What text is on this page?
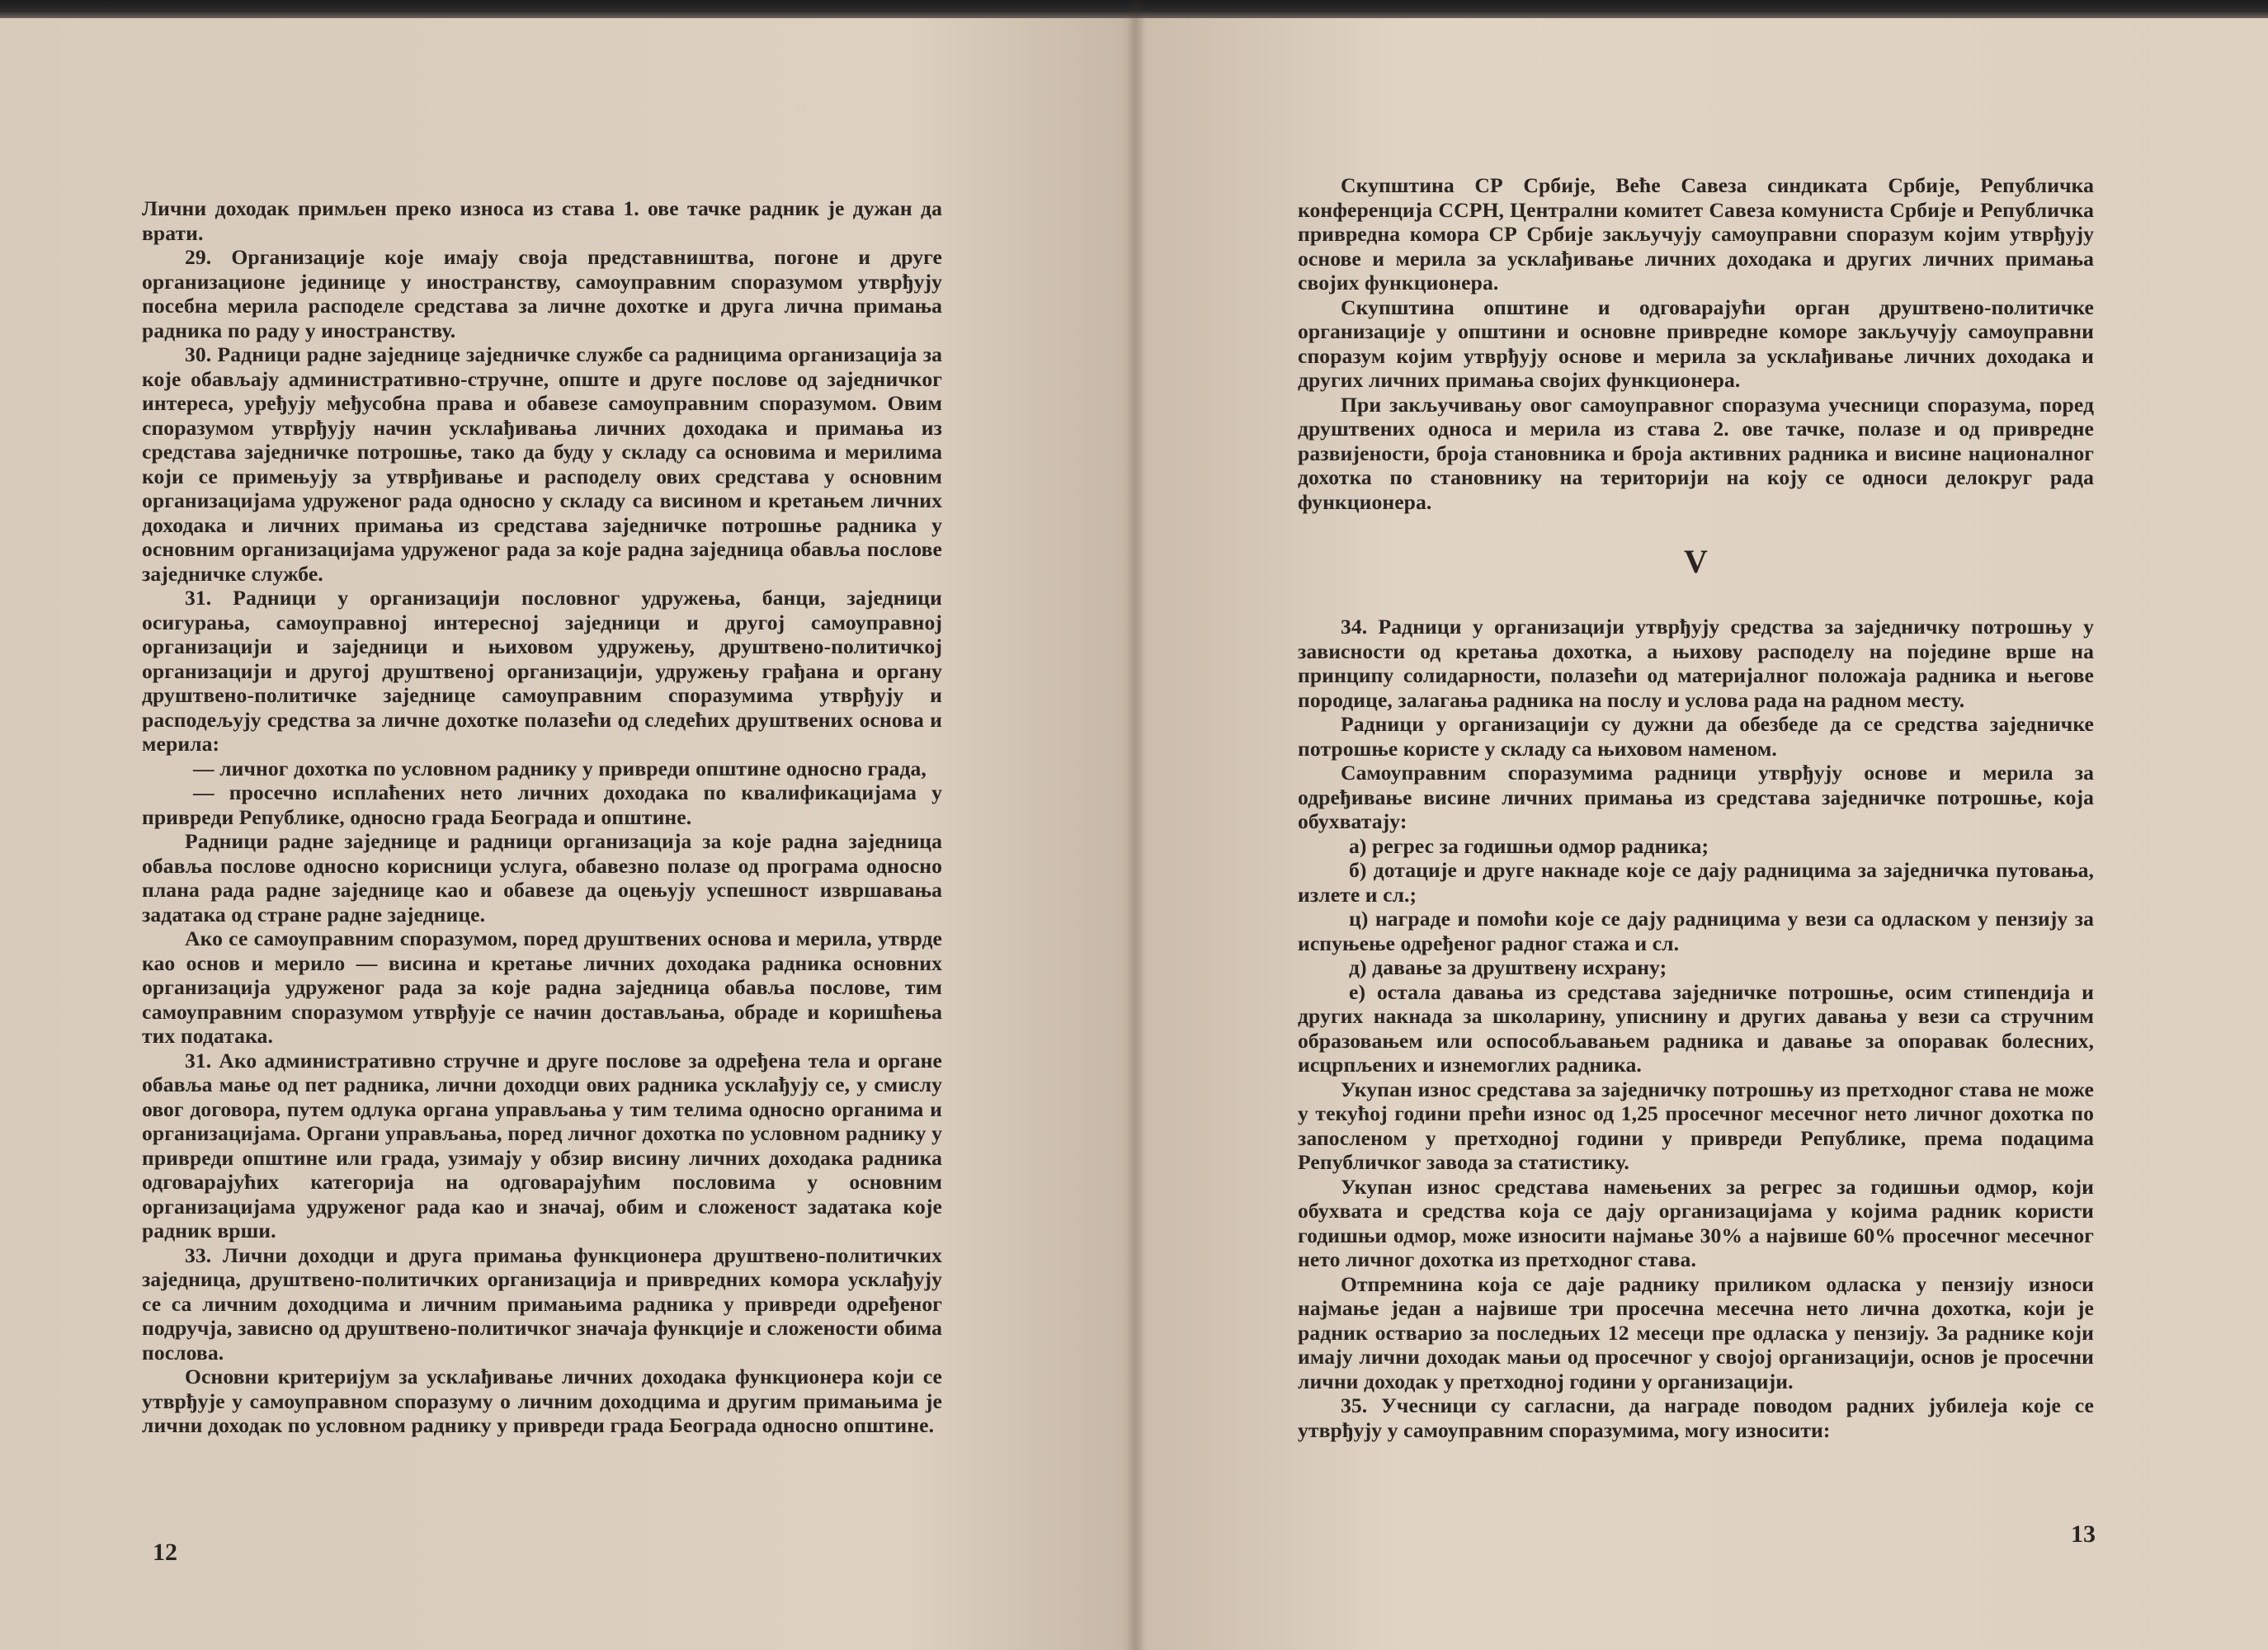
Лични доходак примљен преко износа из става 1. ове тачке радник је дужан да врати.

29. Организације које имају своја представништва, погоне и друге организационе јединице у иностранству, самоуправним споразумом утврђују посебна мерила расподеле средстава за личне дохотке и друга лична примања радника по раду у иностранству.

30. Радници радне заједнице заједничке службе са радницима организација за које обављају административно-стручне, опште и друге послове од заједничког интереса, уређују међусобна права и обавезе самоуправним споразумом. Овим споразумом утврђују начин усклађивања личних доходака и примања из средстава заједничке потрошње, тако да буду у складу са основима и мерилима који се примењују за утврђивање и расподелу ових средстава у основним организацијама удруженог рада односно у складу са висином и кретањем личних доходака и личних примања из средстава заједничке потрошње радника у основним организацијама удруженог рада за које радна заједница обавља послове заједничке службе.

31. Радници у организацији пословног удружења, банци, заједници осигурања, самоуправној интересној заједници и другој самоуправној организацији и заједници и њиховом удружењу, друштвено-политичкој организацији и другој друштвеној организацији, удружењу грађана и органу друштвено-политичке заједнице самоуправним споразумима утврђују и расподељују средства за личне дохотке полазећи од следећих друштвених основа и мерила:

— личног дохотка по условном раднику у привреди општине односно града,

— просечно исплаћених нето личних доходака по квалификацијама у привреди Републике, односно града Београда и општине.

Радници радне заједнице и радници организација за које радна заједница обавља послове односно корисници услуга, обавезно полазе од програма односно плана рада радне заједнице као и обавезе да оцењују успешност извршавања задатака од стране радне заједнице.

Ако се самоуправним споразумом, поред друштвених основа и мерила, утврде као основ и мерило — висина и кретање личних доходака радника основних организација удруженог рада за које радна заједница обавља послове, тим самоуправним споразумом утврђује се начин достављања, обраде и коришћења тих података.

31. Ако административно стручне и друге послове за одређена тела и органе обавља мање од пет радника, лични доходци ових радника усклађују се, у смислу овог договора, путем одлука органа управљања у тим телима односно органима и организацијама. Органи управљања, поред личног дохотка по условном раднику у привреди општине или града, узимају у обзир висину личних доходака радника одговарајућих категорија на одговарајућим пословима у основним организацијама удруженог рада као и значај, обим и сложеност задатака које радник врши.

33. Лични доходци и друга примања функционера друштвено-политичких заједница, друштвено-политичких организација и привредних комора усклађују се са личним доходцима и личним примањима радника у привреди одређеног подручја, зависно од друштвено-политичког значаја функције и сложености обима послова.

Основни критеријум за усклађивање личних доходака функционера који се утврђује у самоуправном споразуму о личним доходцима и другим примањима је лични доходак по условном раднику у привреди града Београда односно општине.

12

Скупштина СР Србије, Веће Савеза синдиката Србије, Републичка конференција ССРН, Централни комитет Савеза комуниста Србије и Републичка привредна комора СР Србије закључују самоуправни споразум којим утврђују основе и мерила за усклађивање личних доходака и других личних примања својих функционера.

Скупштина општине и одговарајући орган друштвено-политичке организације у општини и основне привредне коморе закључују самоуправни споразум којим утврђују основе и мерила за усклађивање личних доходака и других личних примања својих функционера.

При закључивању овог самоуправног споразума учесници споразума, поред друштвених односа и мерила из става 2. ове тачке, полазе и од привредне развијености, броја становника и броја активних радника и висине националног дохотка по становнику на територији на коју се односи делокруг рада функционера.

V

34. Радници у организацији утврђују средства за заједничку потрошњу у зависности од кретања дохотка, а њихову расподелу на поједине врше на принципу солидарности, полазећи од материјалног положаја радника и његове породице, залагања радника на послу и услова рада на радном месту.

Радници у организацији су дужни да обезбеде да се средства заједничке потрошње користе у складу са њиховом наменом.

Самоуправним споразумима радници утврђују основе и мерила за одређивање висине личних примања из средстава заједничке потрошње, која обухватају:

а) регрес за годишњи одмор радника;

б) дотације и друге накнаде које се дају радницима за заједничка путовања, излете и сл.;

ц) награде и помоћи које се дају радницима у вези са одласком у пензију за испуњење одређеног радног стажа и сл.

д) давање за друштвену исхрану;

е) остала давања из средстава заједничке потрошње, осим стипендија и других накнада за школарину, уписнину и других давања у вези са стручним образовањем или оспособљавањем радника и давање за опоравак болесних, исцрпљених и изнемоглих радника.

Укупан износ средстава за заједничку потрошњу из претходног става не може у текућој години прећи износ од 1,25 просечног месечног нето личног дохотка по запосленом у претходној години у привреди Републике, према подацима Републичког завода за статистику.

Укупан износ средстава намењених за регрес за годишњи одмор, који обухвата и средства која се дају организацијама у којима радник користи годишњи одмор, може износити најмање 30% а највише 60% просечног месечног нето личног дохотка из претходног става.

Отпремнина која се даје раднику приликом одласка у пензију износи најмање један а највише три просечна месечна нето лична дохотка, који је радник остварио за последњих 12 месеци пре одласка у пензију. За раднике који имају лични доходак мањи од просечног у својој организацији, основ је просечни лични доходак у претходној години у организацији.

35. Учесници су сагласни, да награде поводом радних јубилеја које се утврђују у самоуправним споразумима, могу износити:

13
